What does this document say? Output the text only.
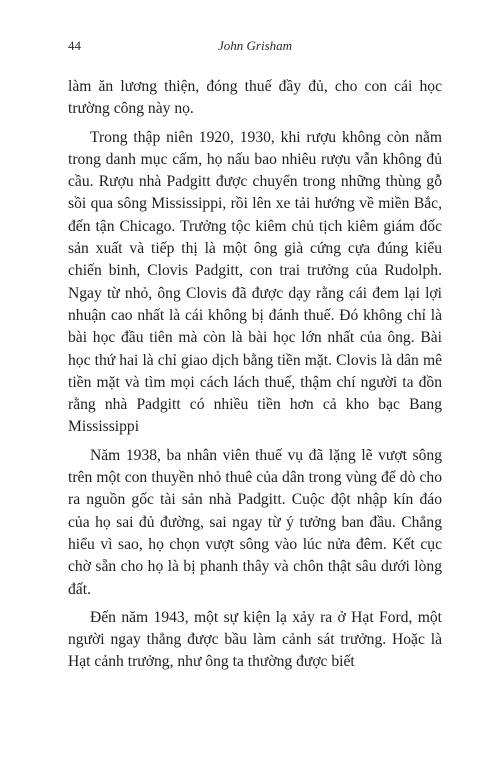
44	John Grisham

làm ăn lương thiện, đóng thuế đầy đủ, cho con cái học trường công này nọ.

Trong thập niên 1920, 1930, khi rượu không còn nằm trong danh mục cấm, họ nấu bao nhiêu rượu vẫn không đủ cầu. Rượu nhà Padgitt được chuyển trong những thùng gỗ sồi qua sông Mississippi, rồi lên xe tải hướng về miền Bắc, đến tận Chicago. Trưởng tộc kiêm chủ tịch kiêm giám đốc sản xuất và tiếp thị là một ông già cứng cựa đúng kiểu chiến binh, Clovis Padgitt, con trai trưởng của Rudolph. Ngay từ nhỏ, ông Clovis đã được dạy rằng cái đem lại lợi nhuận cao nhất là cái không bị đánh thuế. Đó không chỉ là bài học đầu tiên mà còn là bài học lớn nhất của ông. Bài học thứ hai là chỉ giao dịch bằng tiền mặt. Clovis là dân mê tiền mặt và tìm mọi cách lách thuế, thậm chí người ta đồn rằng nhà Padgitt có nhiều tiền hơn cả kho bạc Bang Mississippi

Năm 1938, ba nhân viên thuế vụ đã lặng lẽ vượt sông trên một con thuyền nhỏ thuê của dân trong vùng để dò cho ra nguồn gốc tài sản nhà Padgitt. Cuộc đột nhập kín đáo của họ sai đủ đường, sai ngay từ ý tưởng ban đầu. Chẳng hiểu vì sao, họ chọn vượt sông vào lúc nửa đêm. Kết cục chờ sẵn cho họ là bị phanh thây và chôn thật sâu dưới lòng đất.

Đến năm 1943, một sự kiện lạ xảy ra ở Hạt Ford, một người ngay thẳng được bầu làm cảnh sát trưởng. Hoặc là Hạt cảnh trưởng, như ông ta thường được biết
